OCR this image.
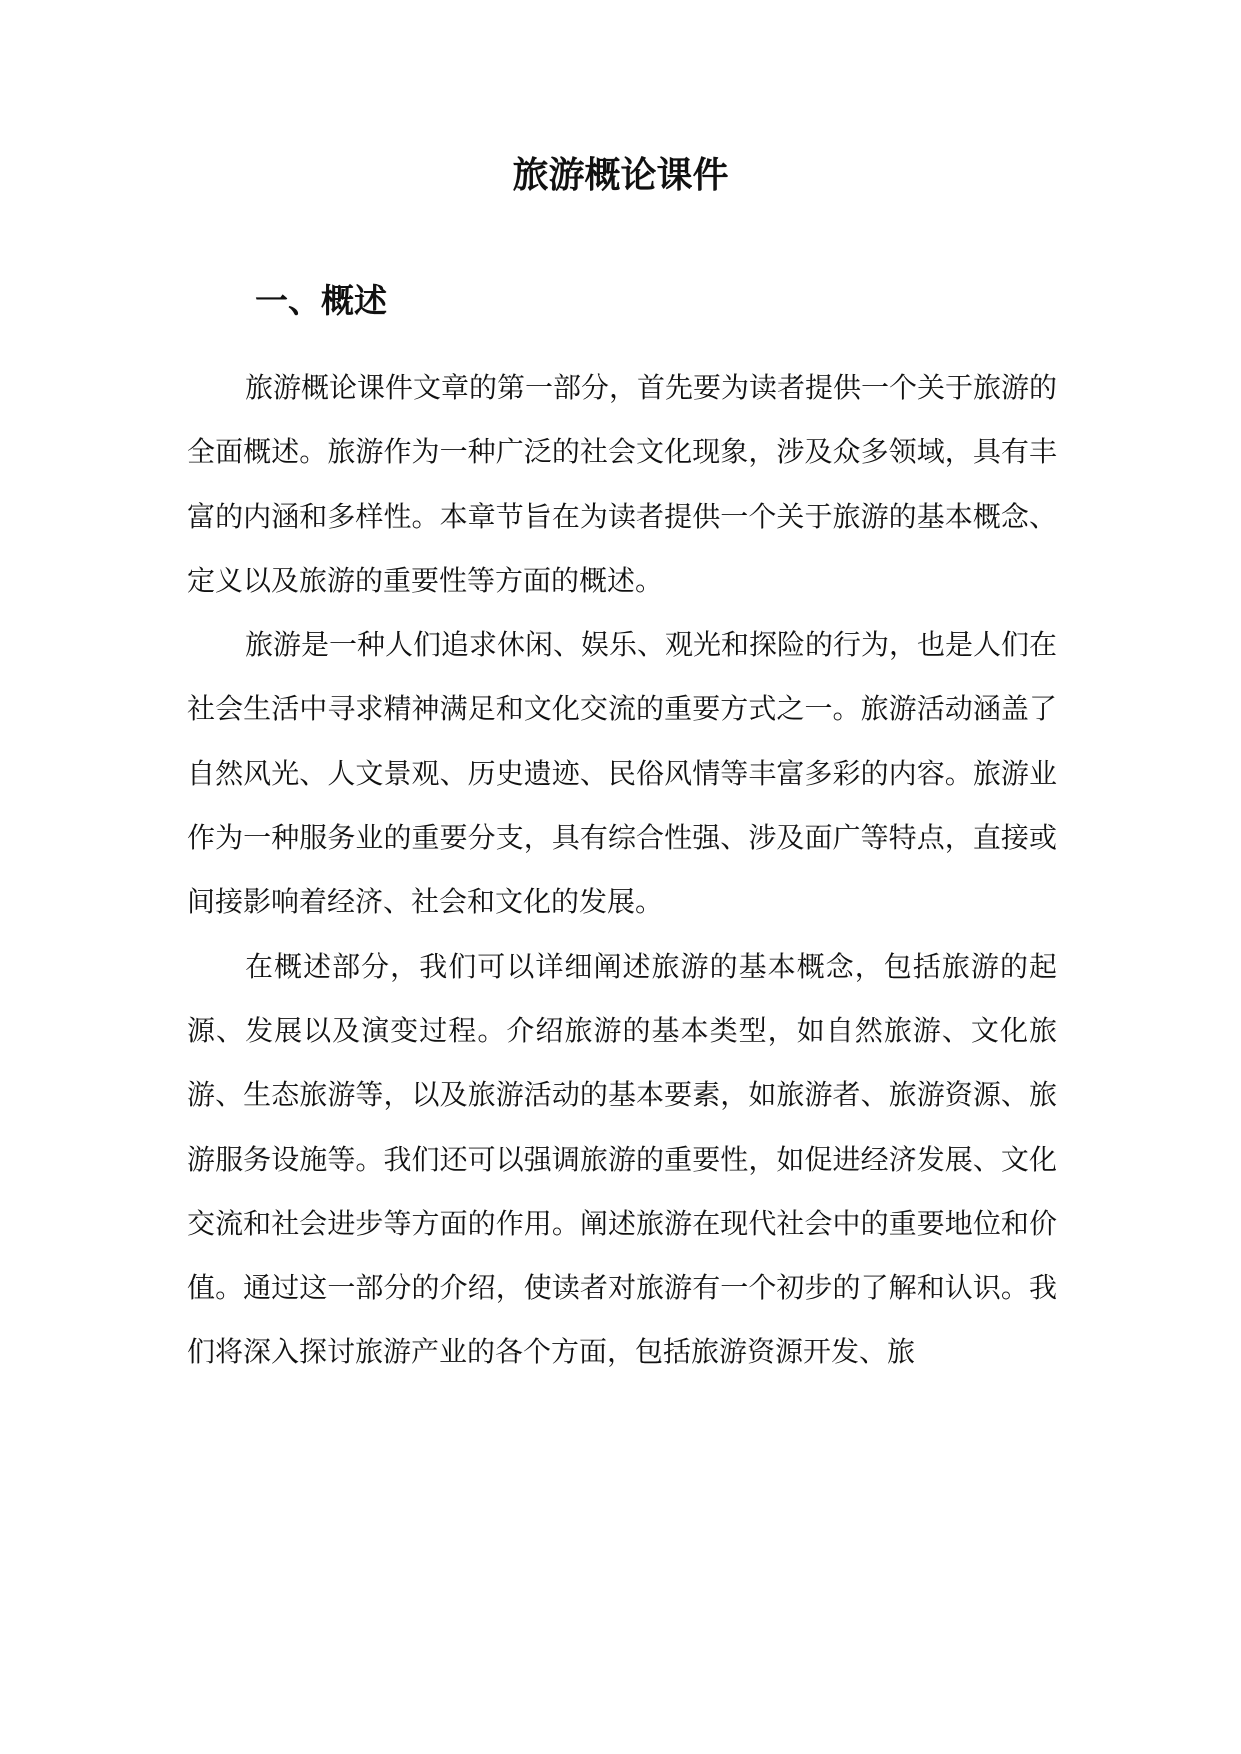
旅游概论课件
一、概述

旅游概论课件文章的第一部分，首先要为读者提供一个关于旅游的全面概述。旅游作为一种广泛的社会文化现象，涉及众多领域，具有丰富的内涵和多样性。本章节旨在为读者提供一个关于旅游的基本概念、定义以及旅游的重要性等方面的概述。

旅游是一种人们追求休闲、娱乐、观光和探险的行为，也是人们在社会生活中寻求精神满足和文化交流的重要方式之一。旅游活动涵盖了自然风光、人文景观、历史遗迹、民俗风情等丰富多彩的内容。旅游业作为一种服务业的重要分支，具有综合性强、涉及面广等特点，直接或间接影响着经济、社会和文化的发展。

在概述部分，我们可以详细阐述旅游的基本概念，包括旅游的起源、发展以及演变过程。介绍旅游的基本类型，如自然旅游、文化旅游、生态旅游等，以及旅游活动的基本要素，如旅游者、旅游资源、旅游服务设施等。我们还可以强调旅游的重要性，如促进经济发展、文化交流和社会进步等方面的作用。阐述旅游在现代社会中的重要地位和价值。通过这一部分的介绍，使读者对旅游有一个初步的了解和认识。我们将深入探讨旅游产业的各个方面，包括旅游资源开发、旅
